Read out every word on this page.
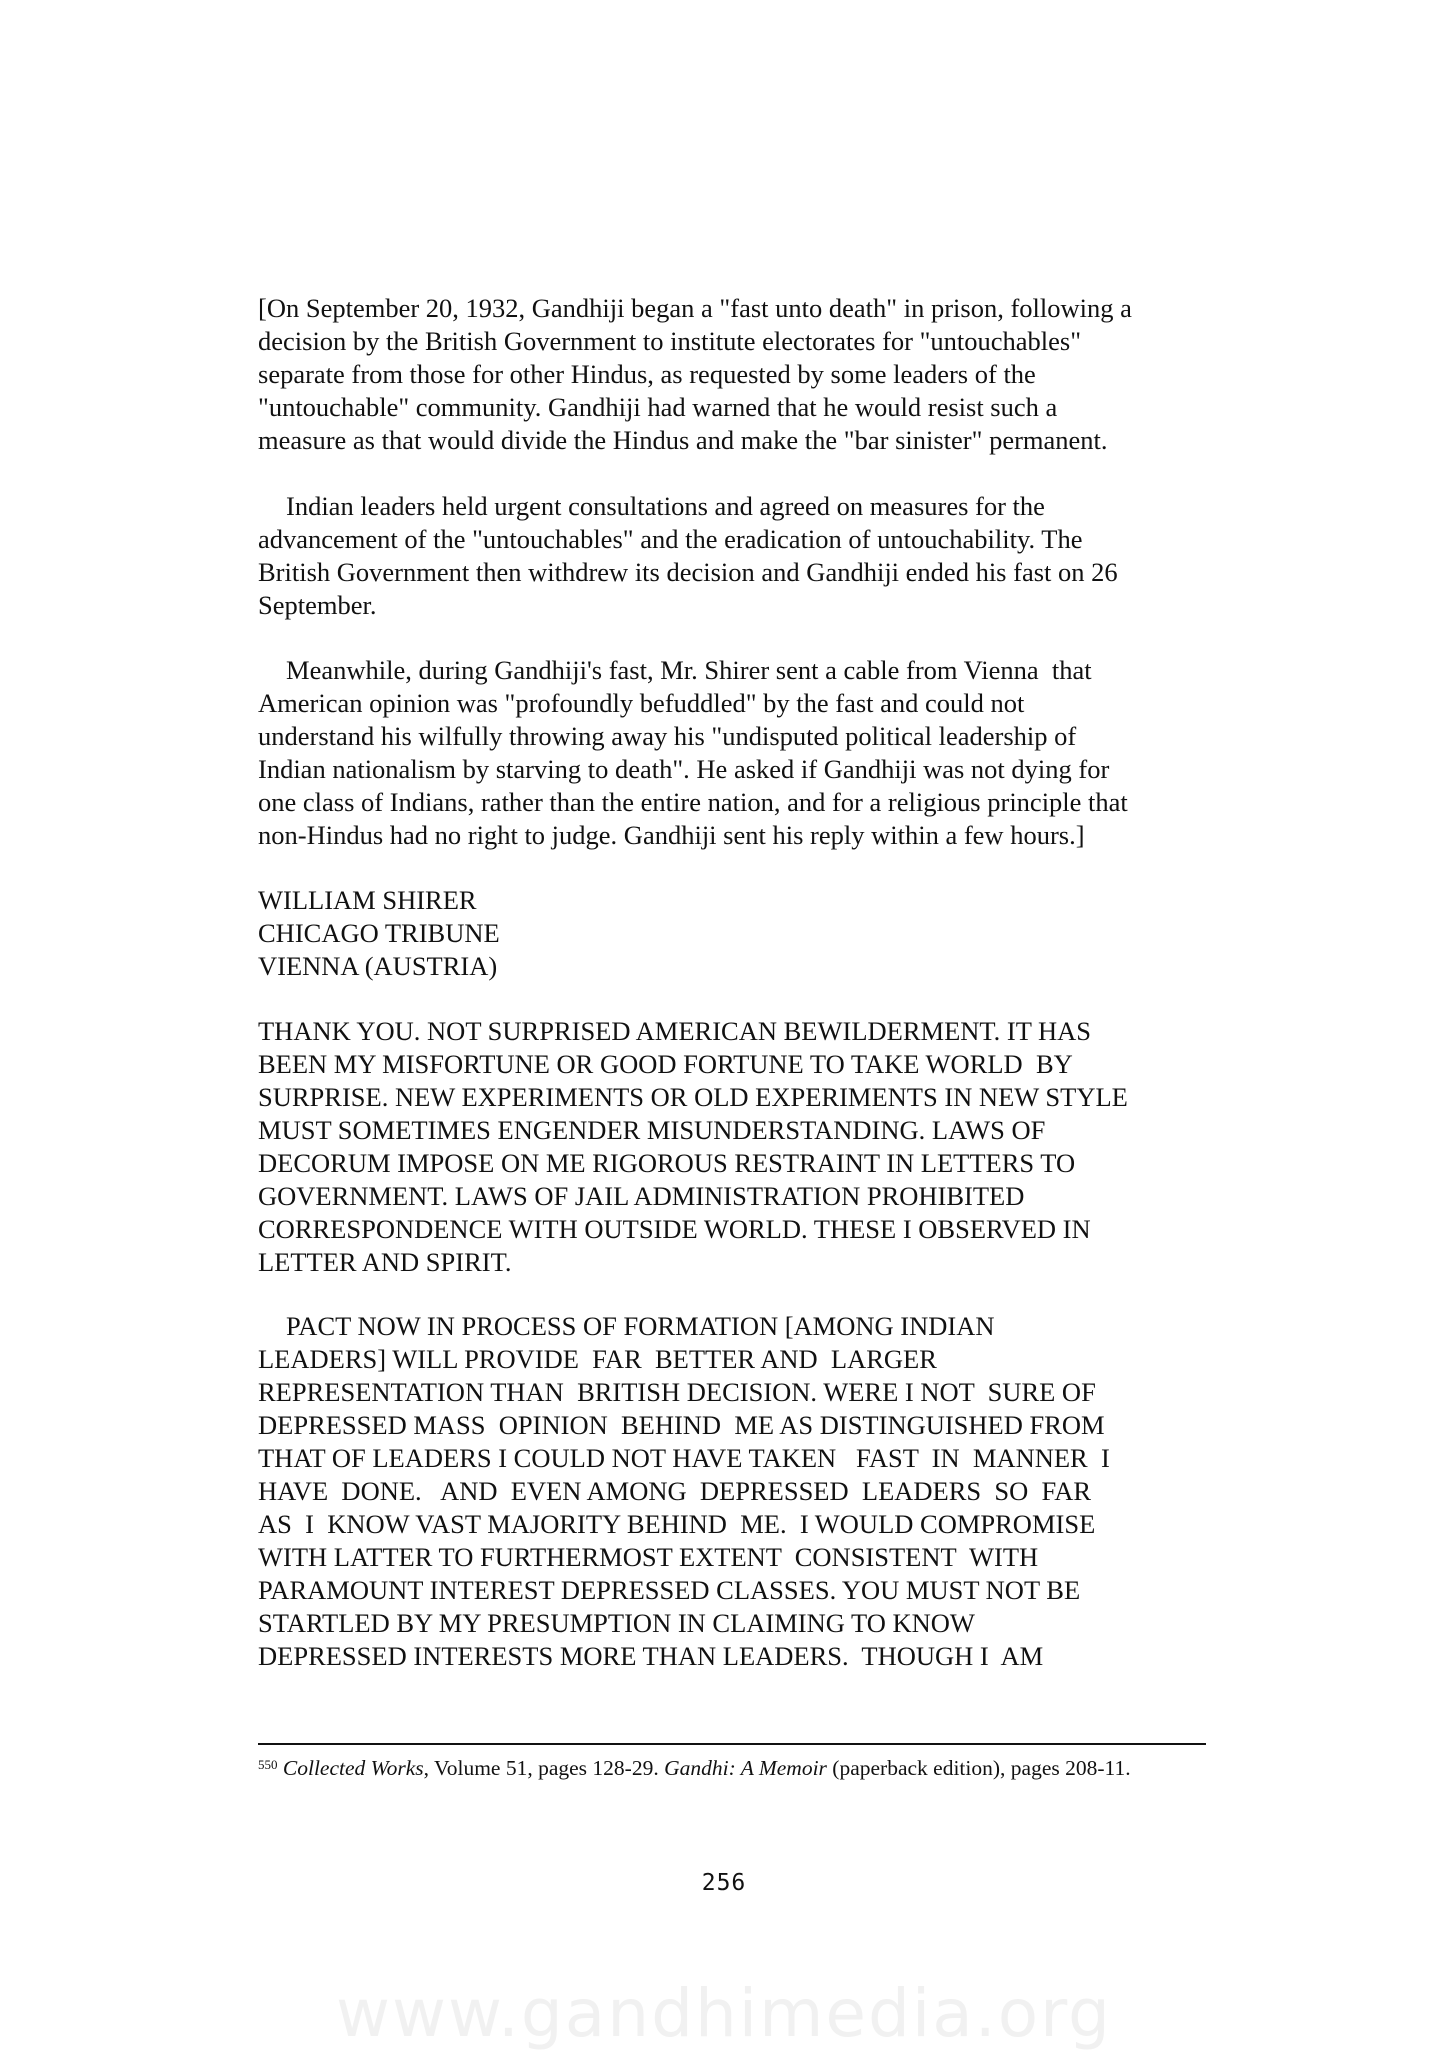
[On September 20, 1932, Gandhiji began a "fast unto death" in prison, following a
decision by the British Government to institute electorates for "untouchables"
separate from those for other Hindus, as requested by some leaders of the
"untouchable" community. Gandhiji had warned that he would resist such a
measure as that would divide the Hindus and make the "bar sinister" permanent.
Indian leaders held urgent consultations and agreed on measures for the
advancement of the "untouchables" and the eradication of untouchability. The
British Government then withdrew its decision and Gandhiji ended his fast on 26
September.
Meanwhile, during Gandhiji's fast, Mr. Shirer sent a cable from Vienna  that
American opinion was "profoundly befuddled" by the fast and could not
understand his wilfully throwing away his "undisputed political leadership of
Indian nationalism by starving to death". He asked if Gandhiji was not dying for
one class of Indians, rather than the entire nation, and for a religious principle that
non-Hindus had no right to judge. Gandhiji sent his reply within a few hours.]
WILLIAM SHIRER
CHICAGO TRIBUNE
VIENNA (AUSTRIA)
THANK YOU. NOT SURPRISED AMERICAN BEWILDERMENT. IT HAS
BEEN MY MISFORTUNE OR GOOD FORTUNE TO TAKE WORLD  BY
SURPRISE. NEW EXPERIMENTS OR OLD EXPERIMENTS IN NEW STYLE
MUST SOMETIMES ENGENDER MISUNDERSTANDING. LAWS OF
DECORUM IMPOSE ON ME RIGOROUS RESTRAINT IN LETTERS TO
GOVERNMENT. LAWS OF JAIL ADMINISTRATION PROHIBITED
CORRESPONDENCE WITH OUTSIDE WORLD. THESE I OBSERVED IN
LETTER AND SPIRIT.
PACT NOW IN PROCESS OF FORMATION [AMONG INDIAN
LEADERS] WILL PROVIDE  FAR  BETTER AND  LARGER
REPRESENTATION THAN  BRITISH DECISION. WERE I NOT  SURE OF
DEPRESSED MASS  OPINION  BEHIND  ME AS DISTINGUISHED FROM
THAT OF LEADERS I COULD NOT HAVE TAKEN   FAST  IN  MANNER  I
HAVE  DONE.   AND  EVEN AMONG  DEPRESSED  LEADERS  SO  FAR
AS  I  KNOW VAST MAJORITY BEHIND  ME.  I WOULD COMPROMISE
WITH LATTER TO FURTHERMOST EXTENT  CONSISTENT  WITH
PARAMOUNT INTEREST DEPRESSED CLASSES. YOU MUST NOT BE
STARTLED BY MY PRESUMPTION IN CLAIMING TO KNOW
DEPRESSED INTERESTS MORE THAN LEADERS.  THOUGH I  AM
$^{550}$ Collected Works, Volume 51, pages 128-29. Gandhi: A Memoir (paperback edition), pages 208-11.
256
www.gandhimedia.org
